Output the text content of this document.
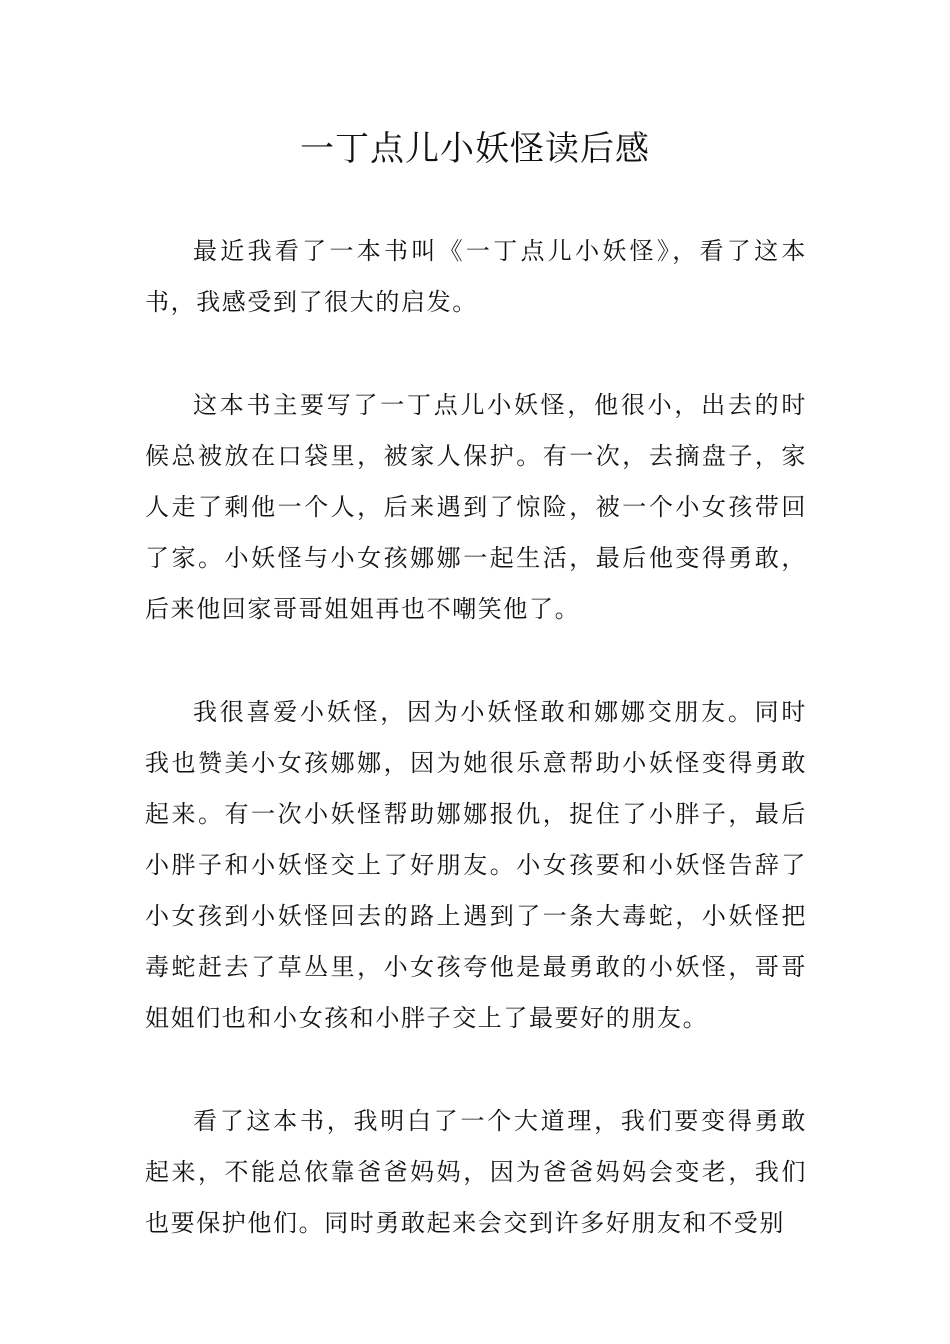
一丁点儿小妖怪读后感

最近我看了一本书叫《一丁点儿小妖怪》，看了这本书，我感受到了很大的启发。

这本书主要写了一丁点儿小妖怪，他很小，出去的时候总被放在口袋里，被家人保护。有一次，去摘盘子，家人走了剩他一个人，后来遇到了惊险，被一个小女孩带回了家。小妖怪与小女孩娜娜一起生活，最后他变得勇敢，后来他回家哥哥姐姐再也不嘲笑他了。

我很喜爱小妖怪，因为小妖怪敢和娜娜交朋友。同时我也赞美小女孩娜娜，因为她很乐意帮助小妖怪变得勇敢起来。有一次小妖怪帮助娜娜报仇，捉住了小胖子，最后小胖子和小妖怪交上了好朋友。小女孩要和小妖怪告辞了小女孩到小妖怪回去的路上遇到了一条大毒蛇，小妖怪把毒蛇赶去了草丛里，小女孩夸他是最勇敢的小妖怪，哥哥姐姐们也和小女孩和小胖子交上了最要好的朋友。

看了这本书，我明白了一个大道理，我们要变得勇敢起来，不能总依靠爸爸妈妈，因为爸爸妈妈会变老，我们也要保护他们。同时勇敢起来会交到许多好朋友和不受别
